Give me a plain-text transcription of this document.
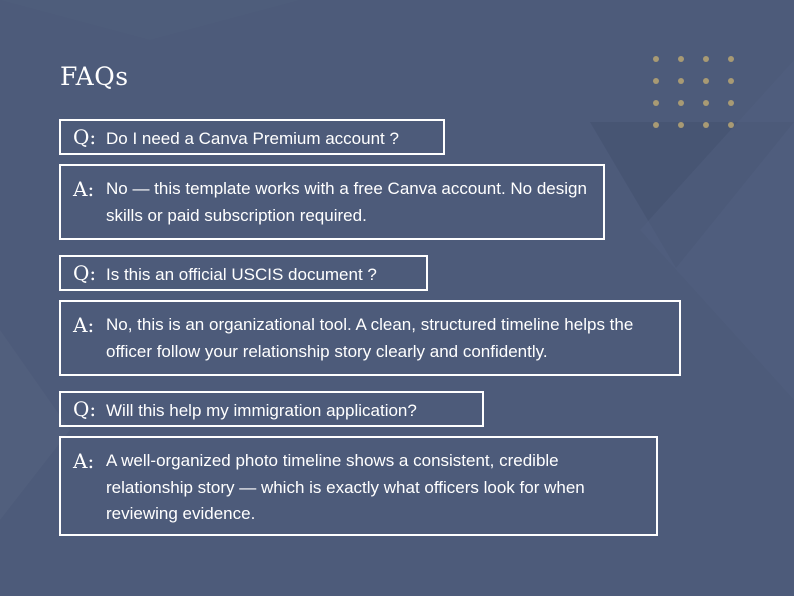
FAQs
Q: Do I need a Canva Premium account ?
A: No — this template works with a free Canva account. No design skills or paid subscription required.
Q: Is this an official USCIS document ?
A: No, this is an organizational tool. A clean, structured timeline helps the officer follow your relationship story clearly and confidently.
Q: Will this help my immigration application?
A: A well-organized photo timeline shows a consistent, credible relationship story — which is exactly what officers look for when reviewing evidence.
